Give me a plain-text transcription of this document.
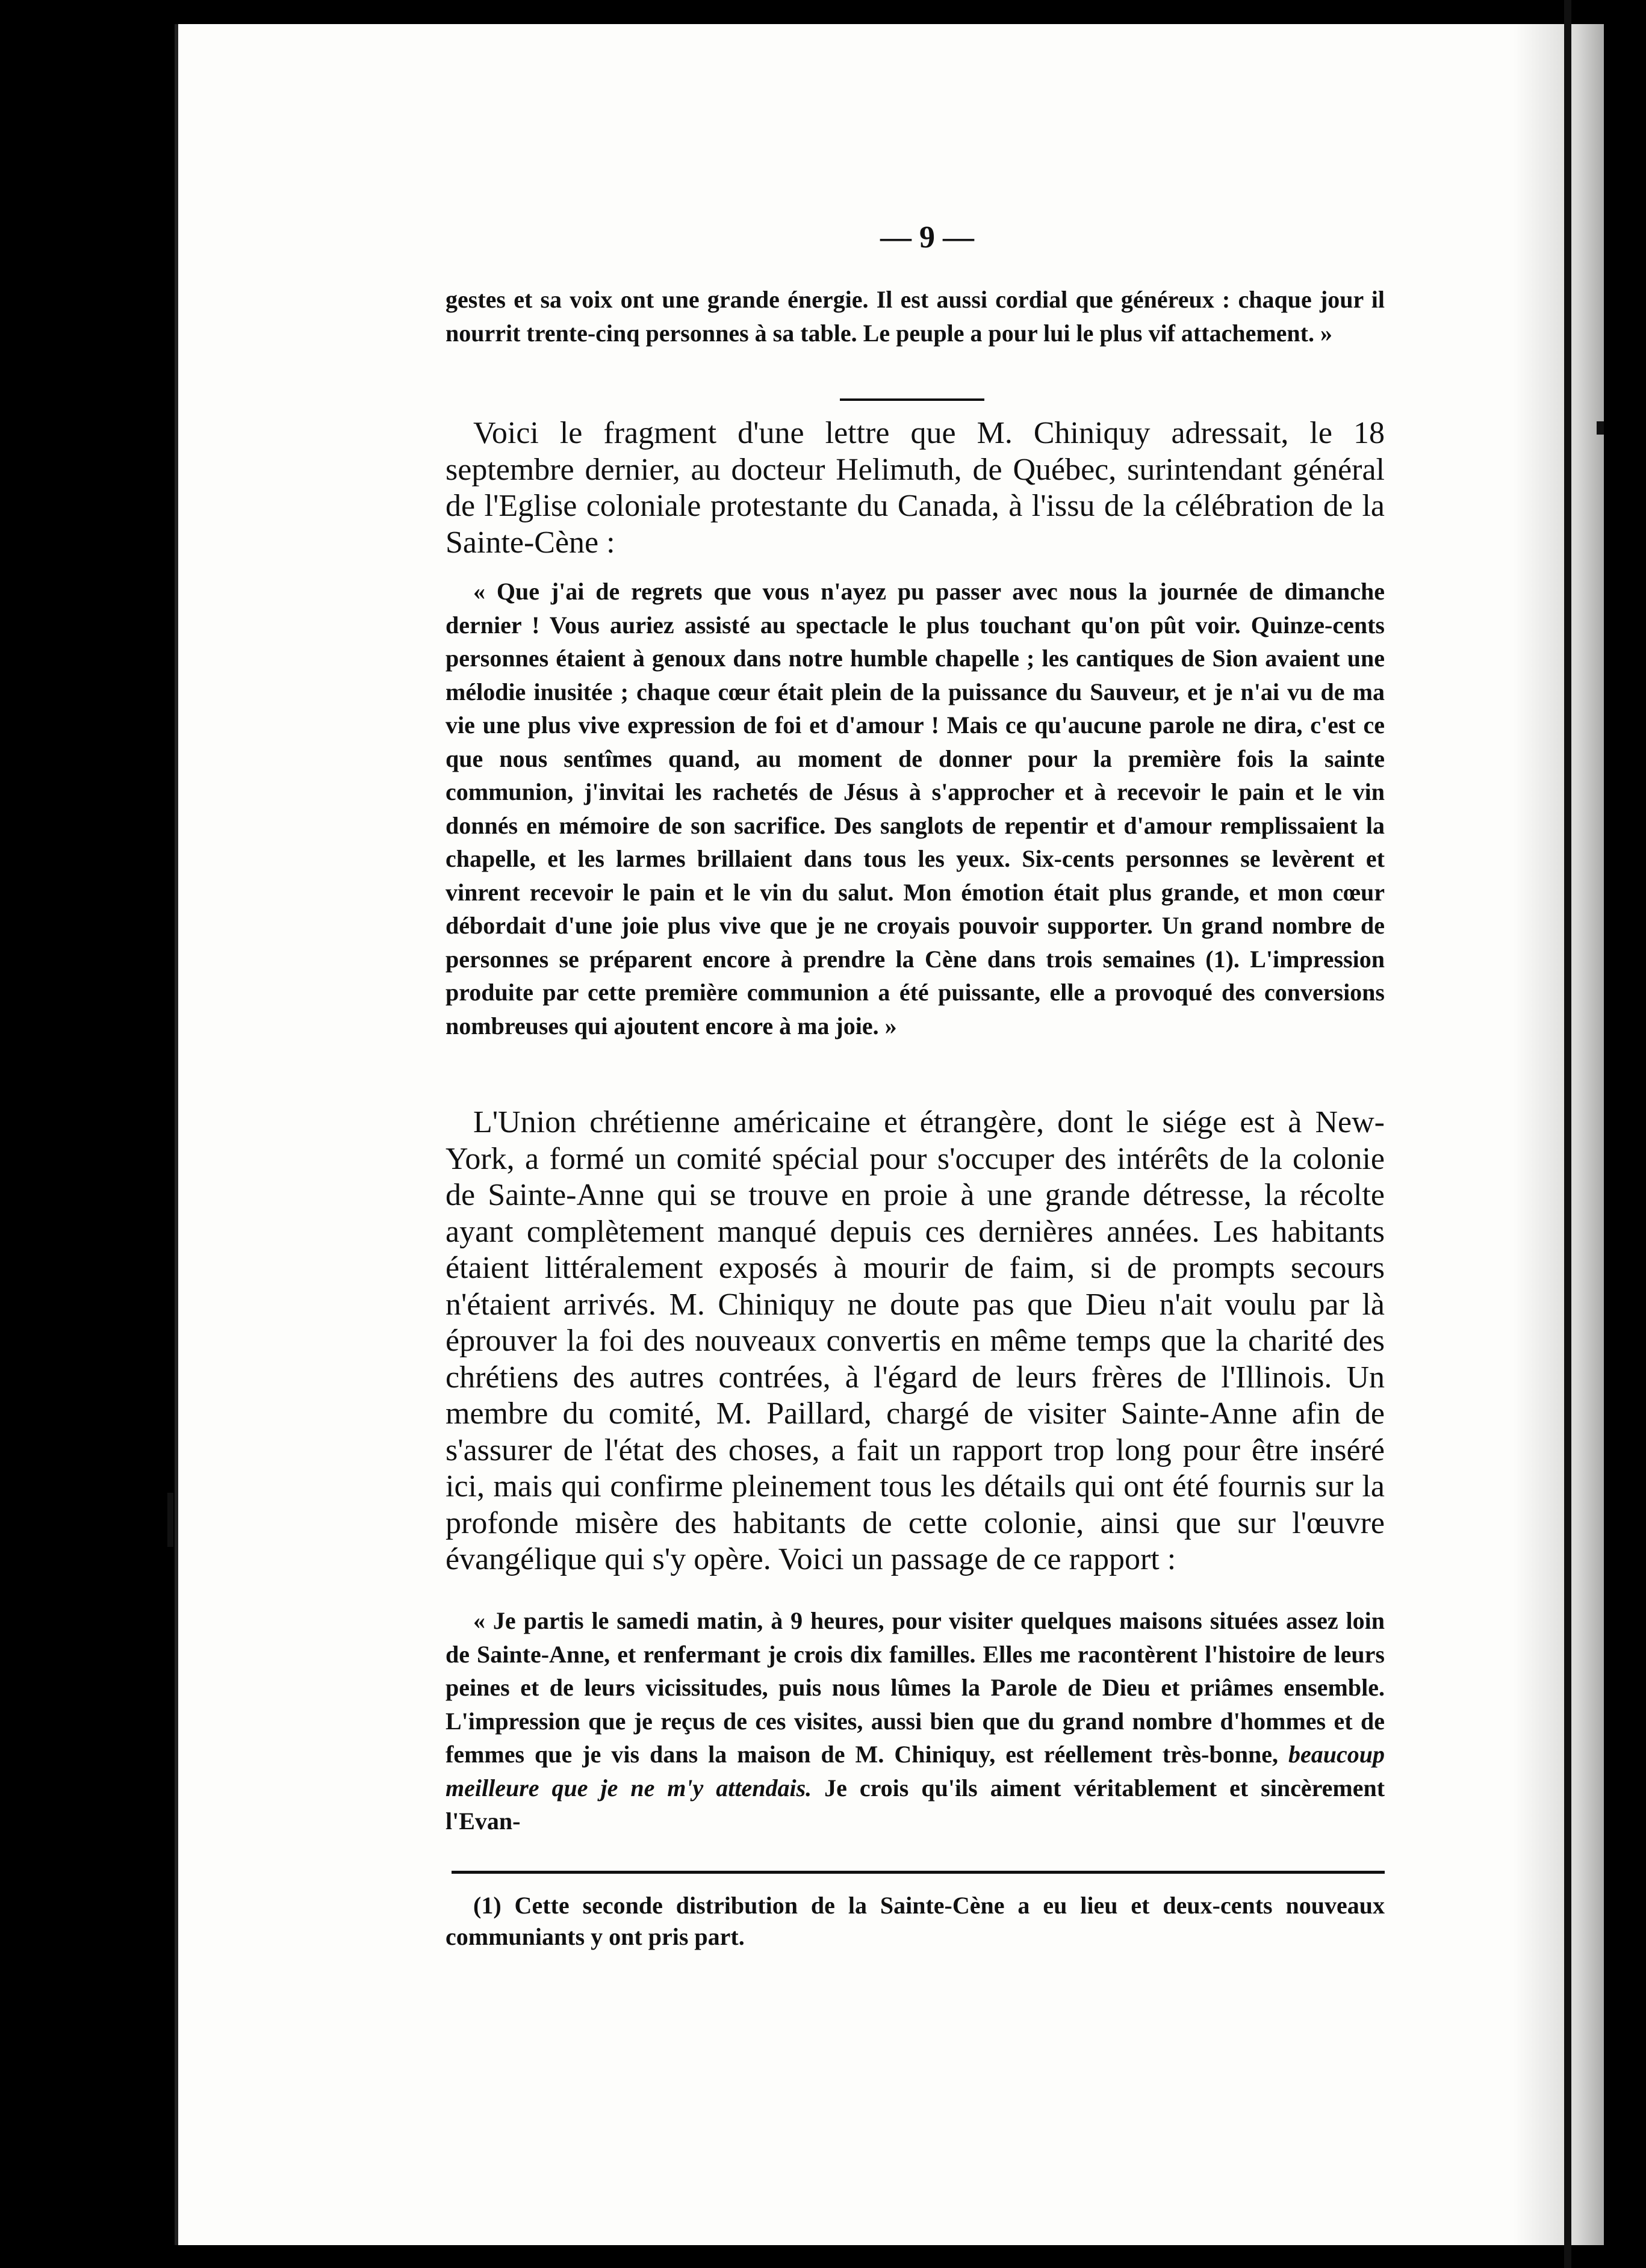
— 9 —
gestes et sa voix ont une grande énergie. Il est aussi cordial que généreux : chaque jour il nourrit trente-cinq personnes à sa table. Le peuple a pour lui le plus vif attachement. »
Voici le fragment d'une lettre que M. Chiniquy adressait, le 18 septembre dernier, au docteur Helimuth, de Québec, surintendant général de l'Eglise coloniale protestante du Canada, à l'issu de la célébration de la Sainte-Cène :
« Que j'ai de regrets que vous n'ayez pu passer avec nous la journée de dimanche dernier ! Vous auriez assisté au spectacle le plus touchant qu'on pût voir. Quinze-cents personnes étaient à genoux dans notre humble chapelle ; les cantiques de Sion avaient une mélodie inusitée ; chaque cœur était plein de la puissance du Sauveur, et je n'ai vu de ma vie une plus vive expression de foi et d'amour ! Mais ce qu'aucune parole ne dira, c'est ce que nous sentîmes quand, au moment de donner pour la première fois la sainte communion, j'invitai les rachetés de Jésus à s'approcher et à recevoir le pain et le vin donnés en mémoire de son sacrifice. Des sanglots de repentir et d'amour remplissaient la chapelle, et les larmes brillaient dans tous les yeux. Six-cents personnes se levèrent et vinrent recevoir le pain et le vin du salut. Mon émotion était plus grande, et mon cœur débordait d'une joie plus vive que je ne croyais pouvoir supporter. Un grand nombre de personnes se préparent encore à prendre la Cène dans trois semaines (1). L'impression produite par cette première communion a été puissante, elle a provoqué des conversions nombreuses qui ajoutent encore à ma joie. »
L'Union chrétienne américaine et étrangère, dont le siége est à New-York, a formé un comité spécial pour s'occuper des intérêts de la colonie de Sainte-Anne qui se trouve en proie à une grande détresse, la récolte ayant complètement manqué depuis ces dernières années. Les habitants étaient littéralement exposés à mourir de faim, si de prompts secours n'étaient arrivés. M. Chiniquy ne doute pas que Dieu n'ait voulu par là éprouver la foi des nouveaux convertis en même temps que la charité des chrétiens des autres contrées, à l'égard de leurs frères de l'Illinois. Un membre du comité, M. Paillard, chargé de visiter Sainte-Anne afin de s'assurer de l'état des choses, a fait un rapport trop long pour être inséré ici, mais qui confirme pleinement tous les détails qui ont été fournis sur la profonde misère des habitants de cette colonie, ainsi que sur l'œuvre évangélique qui s'y opère. Voici un passage de ce rapport :
« Je partis le samedi matin, à 9 heures, pour visiter quelques maisons situées assez loin de Sainte-Anne, et renfermant je crois dix familles. Elles me racontèrent l'histoire de leurs peines et de leurs vicissitudes, puis nous lûmes la Parole de Dieu et priâmes ensemble. L'impression que je reçus de ces visites, aussi bien que du grand nombre d'hommes et de femmes que je vis dans la maison de M. Chiniquy, est réellement très-bonne, beaucoup meilleure que je ne m'y attendais. Je crois qu'ils aiment véritablement et sincèrement l'Evan-
(1) Cette seconde distribution de la Sainte-Cène a eu lieu et deux-cents nouveaux communiants y ont pris part.
